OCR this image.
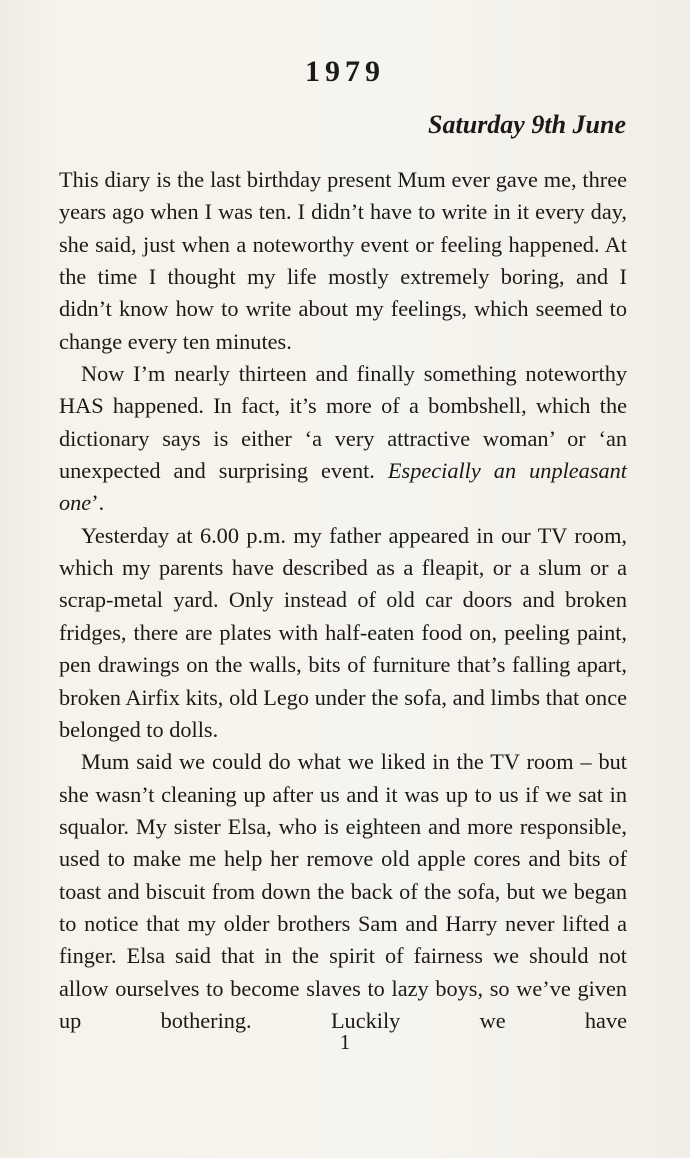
1979
Saturday 9th June

This diary is the last birthday present Mum ever gave me, three years ago when I was ten. I didn’t have to write in it every day, she said, just when a noteworthy event or feeling happened. At the time I thought my life mostly extremely boring, and I didn’t know how to write about my feelings, which seemed to change every ten minutes.

Now I’m nearly thirteen and finally something noteworthy HAS happened. In fact, it’s more of a bombshell, which the dictionary says is either ‘a very attractive woman’ or ‘an unexpected and surprising event. Especially an unpleasant one’.

Yesterday at 6.00 p.m. my father appeared in our TV room, which my parents have described as a fleapit, or a slum or a scrap-metal yard. Only instead of old car doors and broken fridges, there are plates with half-eaten food on, peeling paint, pen drawings on the walls, bits of furniture that’s falling apart, broken Airfix kits, old Lego under the sofa, and limbs that once belonged to dolls.

Mum said we could do what we liked in the TV room – but she wasn’t cleaning up after us and it was up to us if we sat in squalor. My sister Elsa, who is eighteen and more responsible, used to make me help her remove old apple cores and bits of toast and biscuit from down the back of the sofa, but we began to notice that my older brothers Sam and Harry never lifted a finger. Elsa said that in the spirit of fairness we should not allow ourselves to become slaves to lazy boys, so we’ve given up bothering. Luckily we have

1
